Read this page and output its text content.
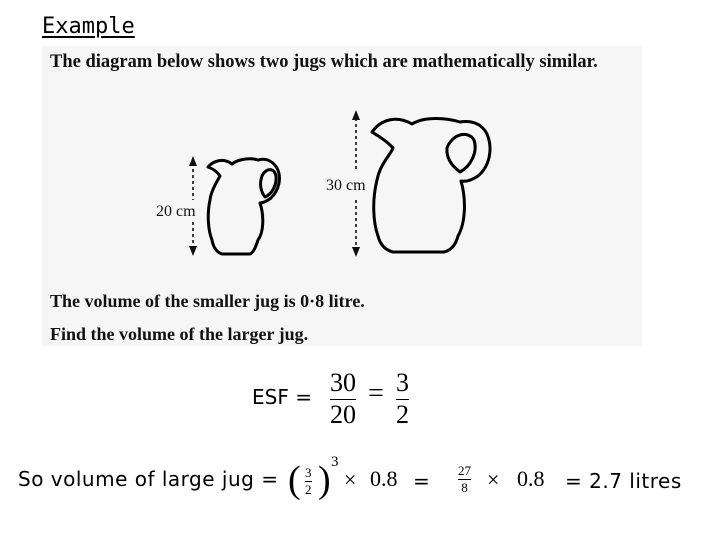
Example
The diagram below shows two jugs which are mathematically similar.
20 cm
30 cm
The volume of the smaller jug is 0·8 litre.
Find the volume of the larger jug.
ESF = 30
20
= 3
2
So volume of large jug = ( 3
2 ) 3
× 0.8 = 27
8 × 0.8 = 2.7 litres
